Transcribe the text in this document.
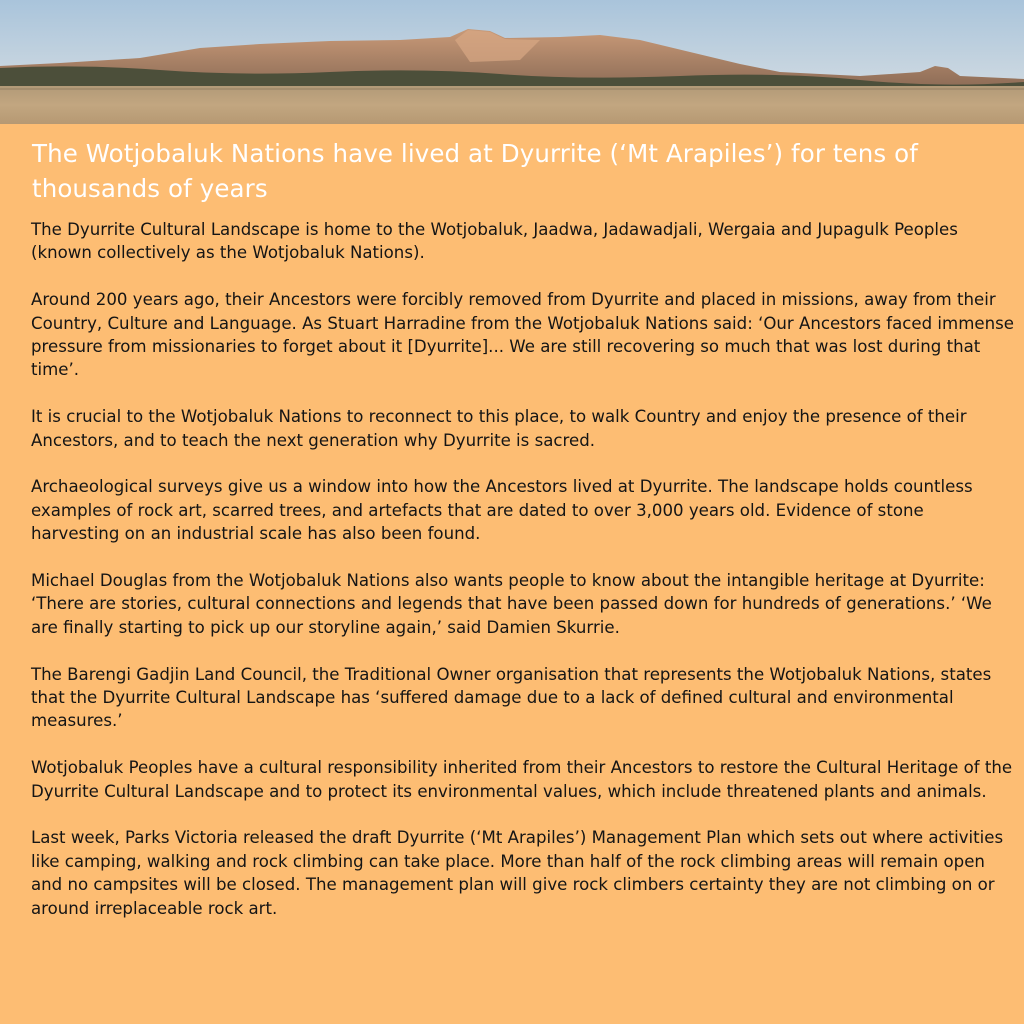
The Wotjobaluk Nations have lived at Dyurrite (‘Mt Arapiles’) for tens of thousands of years

The Dyurrite Cultural Landscape is home to the Wotjobaluk, Jaadwa, Jadawadjali, Wergaia and Jupagulk Peoples (known collectively as the Wotjobaluk Nations).

Around 200 years ago, their Ancestors were forcibly removed from Dyurrite and placed in missions, away from their Country, Culture and Language. As Stuart Harradine from the Wotjobaluk Nations said: ‘Our Ancestors faced immense pressure from missionaries to forget about it [Dyurrite]... We are still recovering so much that was lost during that time’.

It is crucial to the Wotjobaluk Nations to reconnect to this place, to walk Country and enjoy the presence of their Ancestors, and to teach the next generation why Dyurrite is sacred.

Archaeological surveys give us a window into how the Ancestors lived at Dyurrite. The landscape holds countless examples of rock art, scarred trees, and artefacts that are dated to over 3,000 years old. Evidence of stone harvesting on an industrial scale has also been found.

Michael Douglas from the Wotjobaluk Nations also wants people to know about the intangible heritage at Dyurrite: ‘There are stories, cultural connections and legends that have been passed down for hundreds of generations.’ ‘We are finally starting to pick up our storyline again,’ said Damien Skurrie.

The Barengi Gadjin Land Council, the Traditional Owner organisation that represents the Wotjobaluk Nations, states that the Dyurrite Cultural Landscape has ‘suffered damage due to a lack of defined cultural and environmental measures.’

Wotjobaluk Peoples have a cultural responsibility inherited from their Ancestors to restore the Cultural Heritage of the Dyurrite Cultural Landscape and to protect its environmental values, which include threatened plants and animals.

Last week, Parks Victoria released the draft Dyurrite (‘Mt Arapiles’) Management Plan which sets out where activities like camping, walking and rock climbing can take place. More than half of the rock climbing areas will remain open and no campsites will be closed. The management plan will give rock climbers certainty they are not climbing on or around irreplaceable rock art.
